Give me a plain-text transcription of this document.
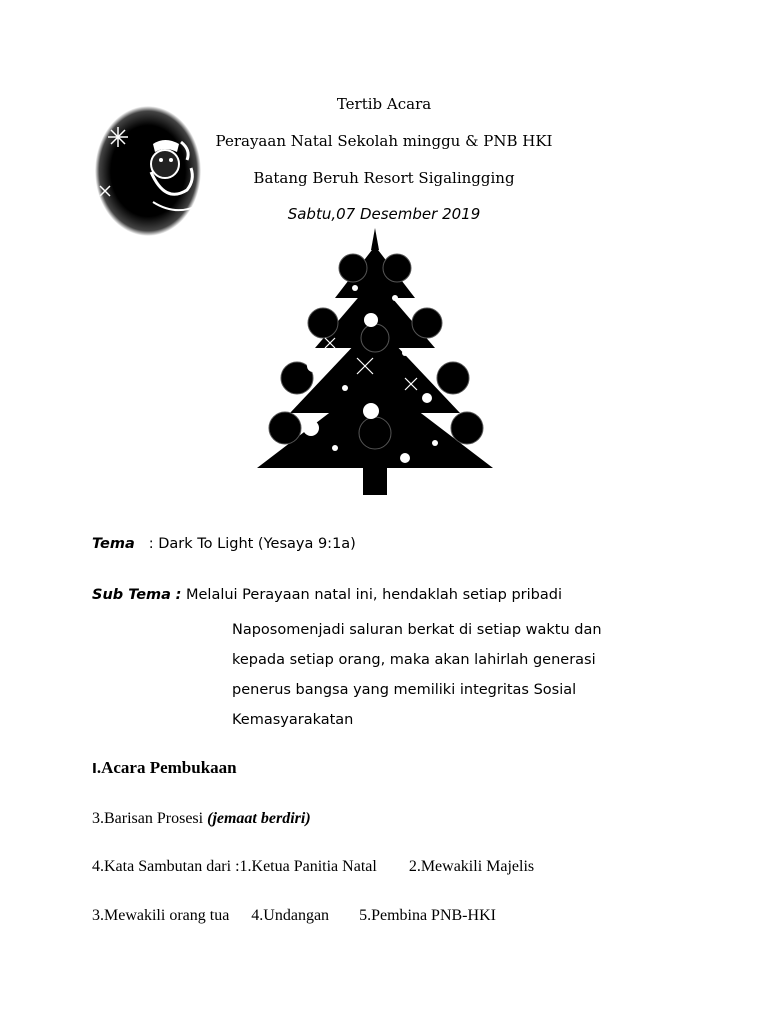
Tertib Acara
Perayaan Natal Sekolah minggu & PNB HKI
Batang Beruh Resort Sigalingging
Sabtu,07 Desember 2019
Tema : Dark To Light (Yesaya 9:1a)
Sub Tema : Melalui Perayaan natal ini, hendaklah setiap pribadi
Naposomenjadi saluran berkat di setiap waktu dan
kepada setiap orang, maka akan lahirlah generasi
penerus bangsa yang memiliki integritas Sosial
Kemasyarakatan
I.Acara Pembukaan
3.Barisan Prosesi (jemaat berdiri)
4.Kata Sambutan dari :1.Ketua Panitia Natal 2.Mewakili Majelis
3.Mewakili orang tua 4.Undangan 5.Pembina PNB-HKI
